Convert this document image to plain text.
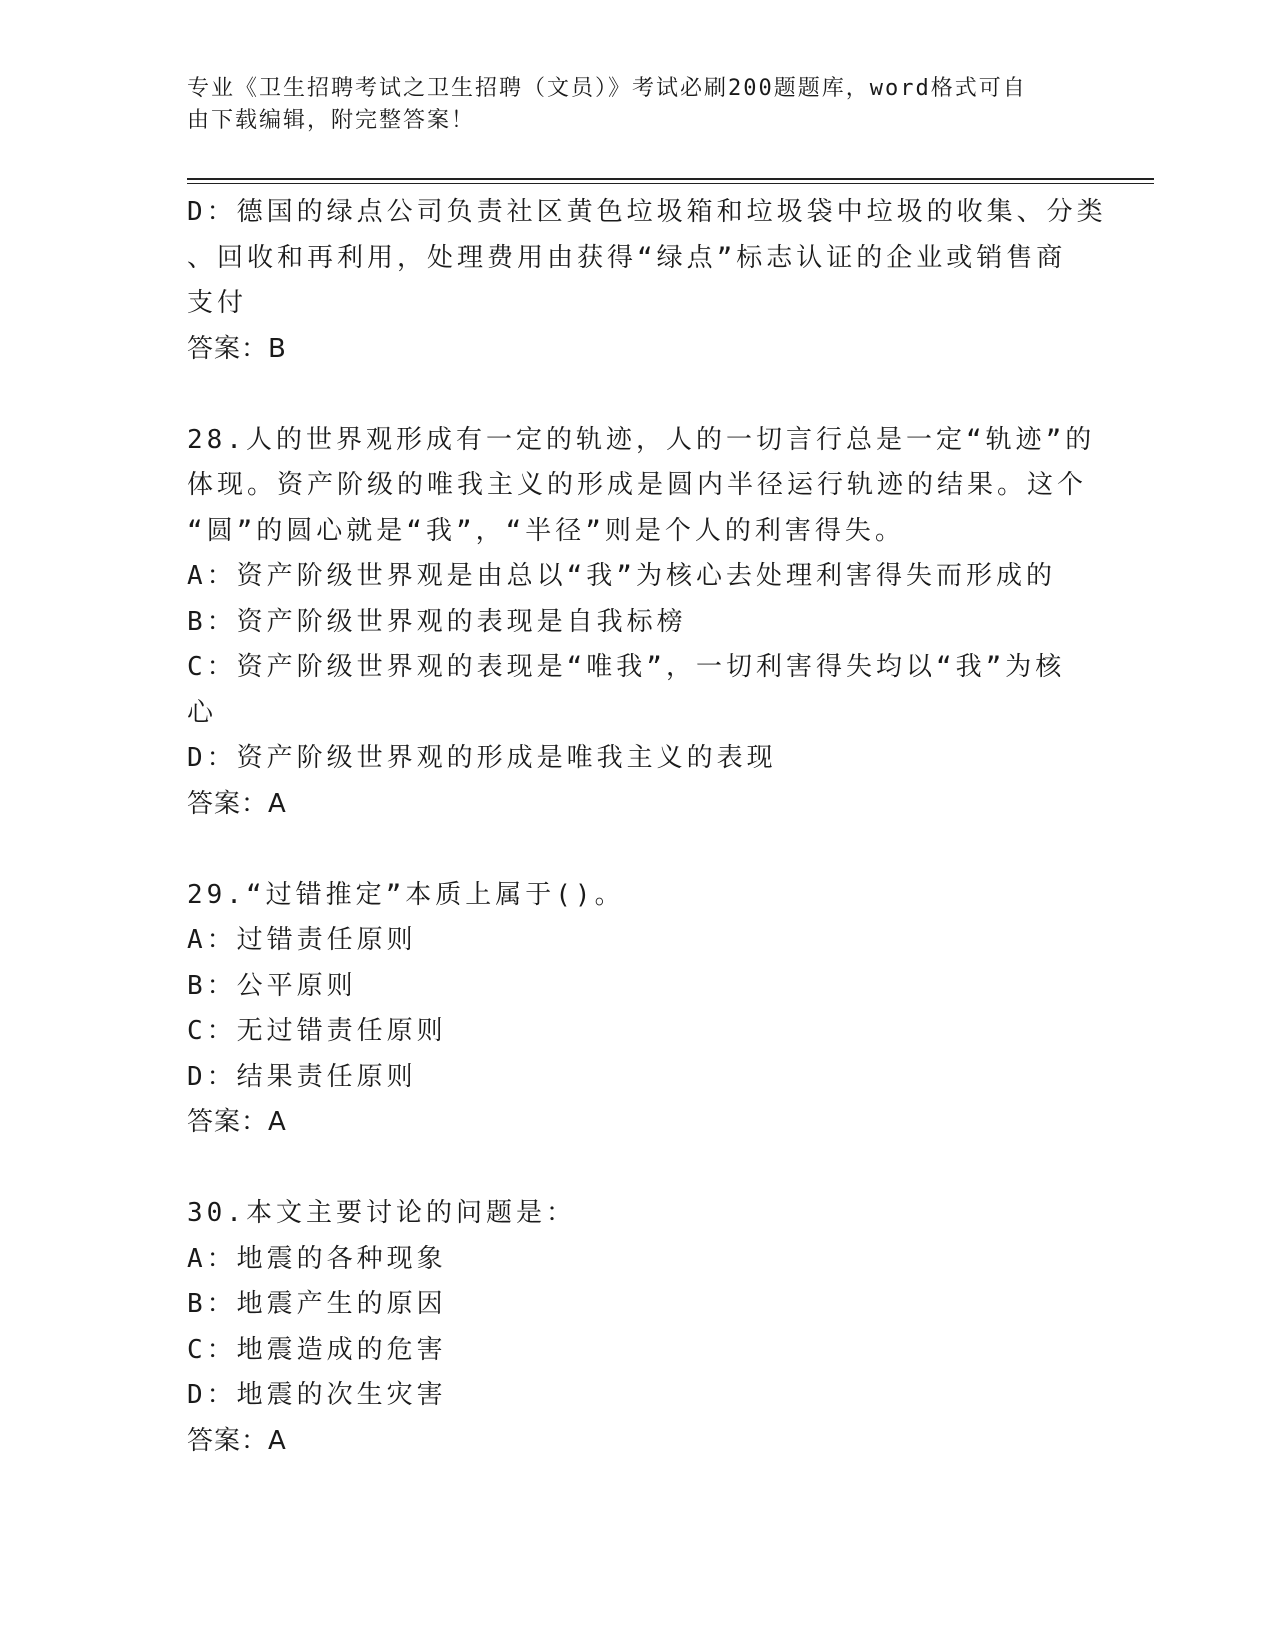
专业《卫生招聘考试之卫生招聘（文员）》考试必刷200题题库，word格式可自
由下载编辑，附完整答案！
D：德国的绿点公司负责社区黄色垃圾箱和垃圾袋中垃圾的收集、分类
、回收和再利用，处理费用由获得“绿点”标志认证的企业或销售商
支付
答案：B
28.人的世界观形成有一定的轨迹，人的一切言行总是一定“轨迹”的
体现。资产阶级的唯我主义的形成是圆内半径运行轨迹的结果。这个
“圆”的圆心就是“我”，“半径”则是个人的利害得失。
A：资产阶级世界观是由总以“我”为核心去处理利害得失而形成的
B：资产阶级世界观的表现是自我标榜
C：资产阶级世界观的表现是“唯我”，一切利害得失均以“我”为核
心
D：资产阶级世界观的形成是唯我主义的表现
答案：A
29.“过错推定”本质上属于()。
A：过错责任原则
B：公平原则
C：无过错责任原则
D：结果责任原则
答案：A
30.本文主要讨论的问题是：
A：地震的各种现象
B：地震产生的原因
C：地震造成的危害
D：地震的次生灾害
答案：A
